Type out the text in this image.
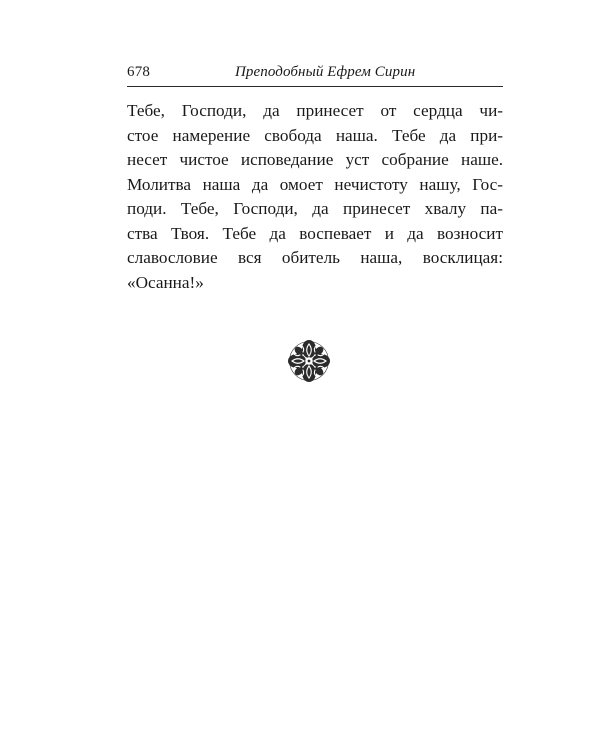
678	Преподобный Ефрем Сирин
Тебе, Господи, да принесет от сердца чи-
стое намерение свобода наша. Тебе да при-
несет чистое исповедание уст собрание наше.
Молитва наша да омоет нечистоту нашу, Гос-
поди. Тебе, Господи, да принесет хвалу па-
ства Твоя. Тебе да воспевает и да возносит
славословие вся обитель наша, восклицая:
«Осанна!»
